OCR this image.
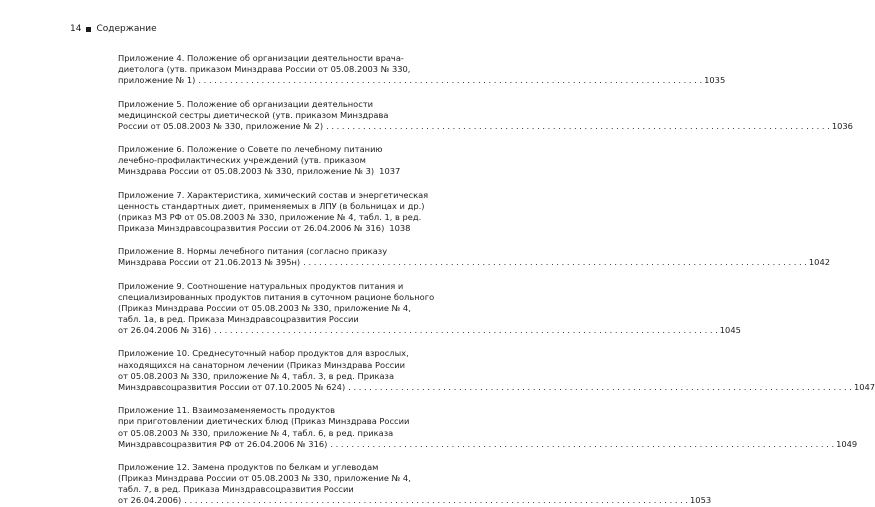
14 Содержание
Приложение 4. Положение об организации деятельности врача-
диетолога (утв. приказом Минздрава России от 05.08.2003 № 330,
приложение № 1) . . .	1035
Приложение 5. Положение об организации деятельности
медицинской сестры диетической (утв. приказом Минздрава
России от 05.08.2003 № 330, приложение № 2) . . .	1036
Приложение 6. Положение о Совете по лечебному питанию
лечебно-профилактических учреждений (утв. приказом
Минздрава России от 05.08.2003 № 330, приложение № 3) 1037
Приложение 7. Характеристика, химический состав и энергетическая
ценность стандартных диет, применяемых в ЛПУ (в больницах и др.)
(приказ МЗ РФ от 05.08.2003 № 330, приложение № 4, табл. 1, в ред.
Приказа Минздравсоцразвития России от 26.04.2006 № 316) 1038
Приложение 8. Нормы лечебного питания (согласно приказу
Минздрава России от 21.06.2013 № 395н) . . .	1042
Приложение 9. Соотношение натуральных продуктов питания и
специализированных продуктов питания в суточном рационе больного
(Приказ Минздрава России от 05.08.2003 № 330, приложение № 4,
табл. 1а, в ред. Приказа Минздравсоцразвития России
от 26.04.2006 № 316) . . .	1045
Приложение 10. Среднесуточный набор продуктов для взрослых,
находящихся на санаторном лечении (Приказ Минздрава России
от 05.08.2003 № 330, приложение № 4, табл. 3, в ред. Приказа
Минздравсоцразвития России от 07.10.2005 № 624) . . .	1047
Приложение 11. Взаимозаменяемость продуктов
при приготовлении диетических блюд (Приказ Минздрава России
от 05.08.2003 № 330, приложение № 4, табл. 6, в ред. приказа
Минздравсоцразвития РФ от 26.04.2006 № 316) . . .	1049
Приложение 12. Замена продуктов по белкам и углеводам
(Приказ Минздрава России от 05.08.2003 № 330, приложение № 4,
табл. 7, в ред. Приказа Минздравсоцразвития России
от 26.04.2006) . . .	1053
